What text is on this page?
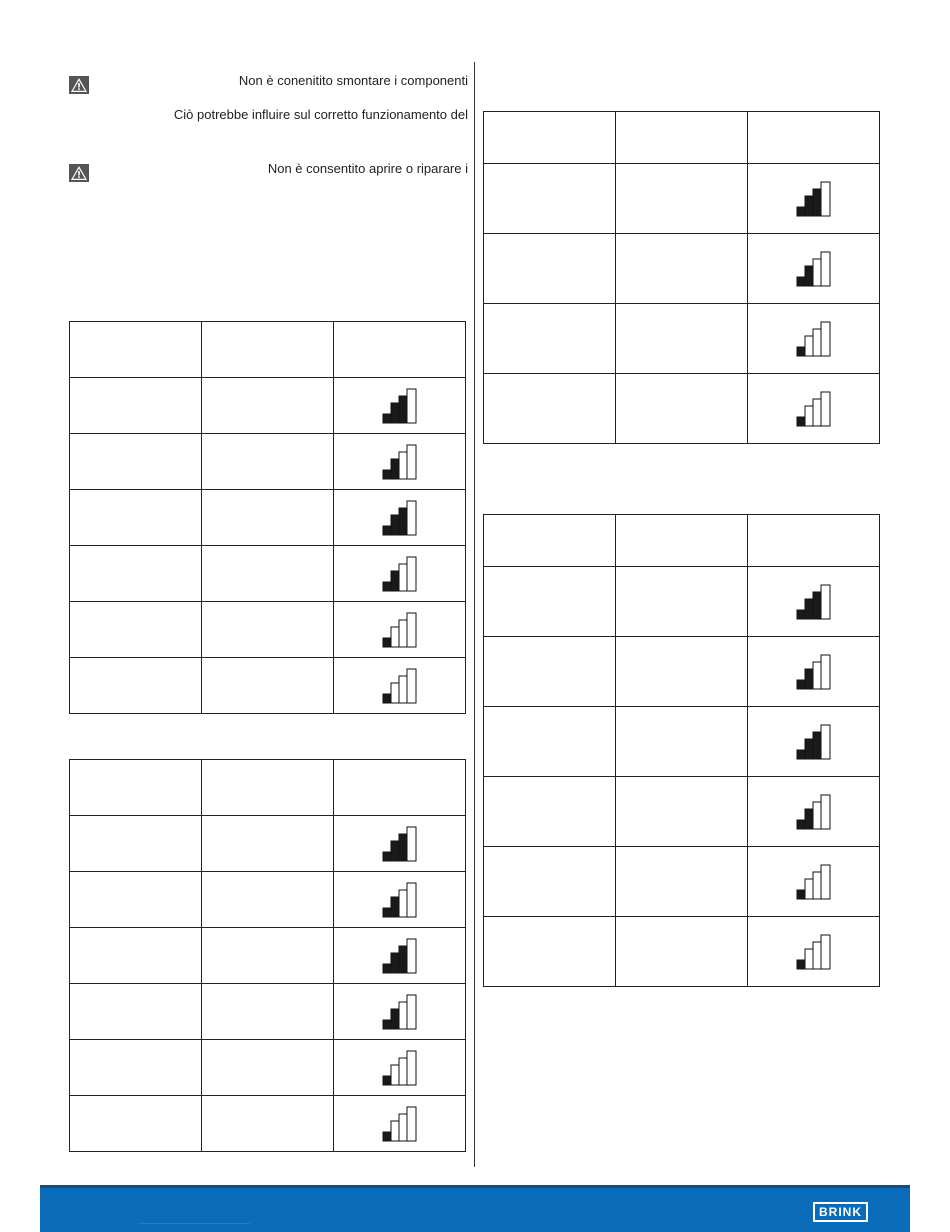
Non è conenitito smontare i componenti
Ciò potrebbe influire sul corretto funzionamento del
Non è consentito aprire o riparare i

BRINK
